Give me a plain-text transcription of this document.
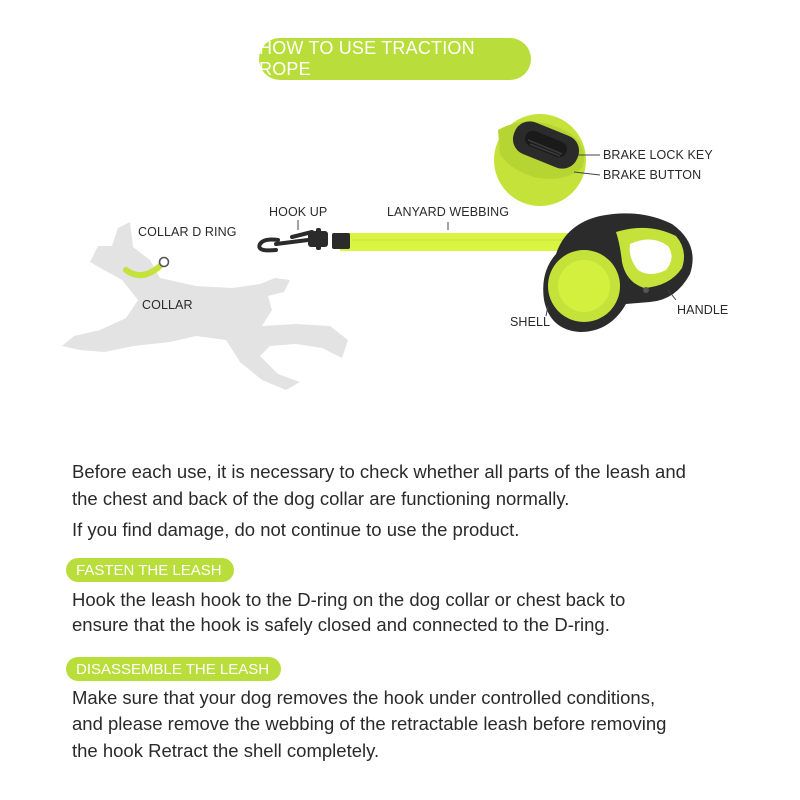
HOW TO USE TRACTION ROPE
COLLAR D RING
COLLAR
HOOK UP	LANYARD WEBBING
BRAKE LOCK KEY
BRAKE BUTTON
SHELL
HANDLE

Before each use, it is necessary to check whether all parts of the leash and

the chest and back of the dog collar are functioning normally.

If you find damage, do not continue to use the product.

FASTEN THE LEASH

Hook the leash hook to the D-ring on the dog collar or chest back to

ensure that the hook is safely closed and connected to the D-ring.

DISASSEMBLE THE LEASH

Make sure that your dog removes the hook under controlled conditions,

and please remove the webbing of the retractable leash before removing

the hook Retract the shell completely.
